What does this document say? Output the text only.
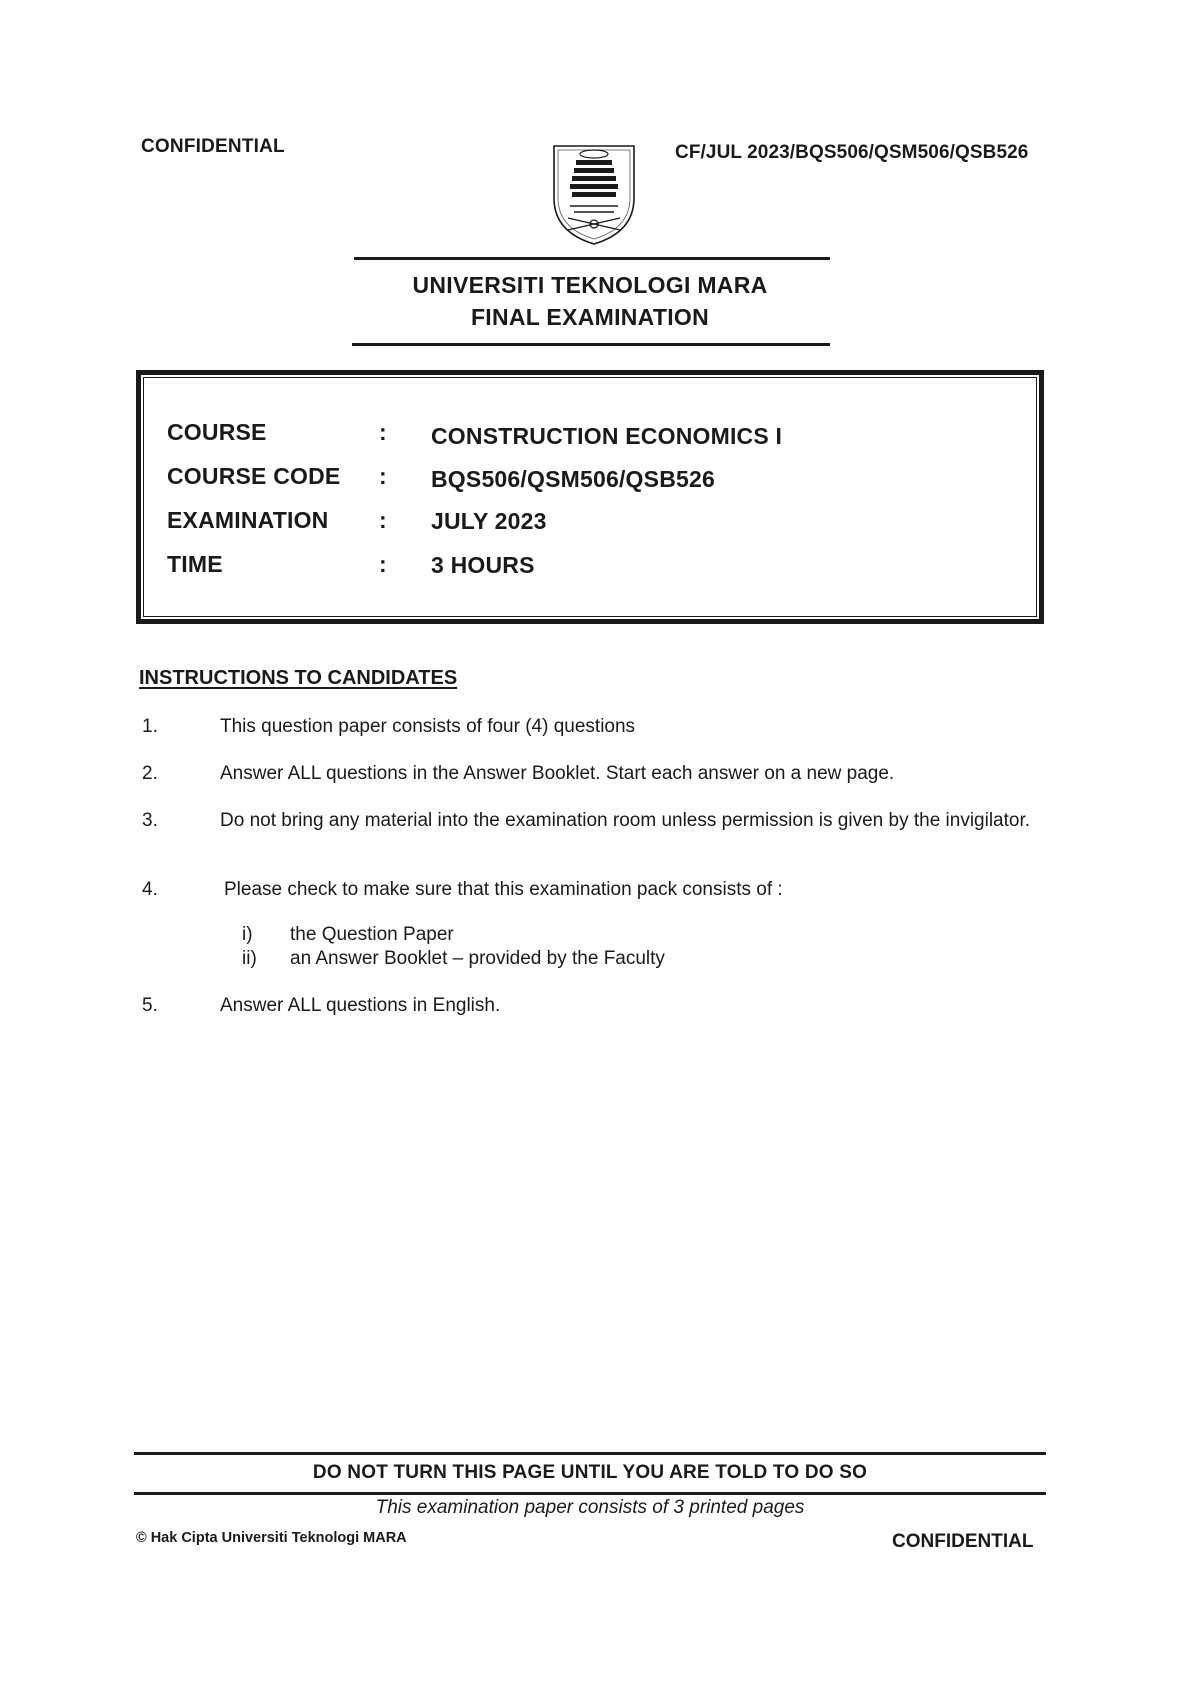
CONFIDENTIAL	CF/JUL 2023/BQS506/QSM506/QSB526
UNIVERSITI TEKNOLOGI MARA
FINAL EXAMINATION
COURSE	: CONSTRUCTION ECONOMICS I
COURSE CODE : BQS506/QSM506/QSB526
EXAMINATION : JULY 2023
TIME	: 3 HOURS
INSTRUCTIONS TO CANDIDATES
1.	This question paper consists of four (4) questions
2.	Answer ALL questions in the Answer Booklet. Start each answer on a new page.
3.	Do not bring any material into the examination room unless permission is given by the invigilator.
4.	Please check to make sure that this examination pack consists of :
i) the Question Paper
ii) an Answer Booklet – provided by the Faculty
5.	Answer ALL questions in English.
DO NOT TURN THIS PAGE UNTIL YOU ARE TOLD TO DO SO
This examination paper consists of 3 printed pages
© Hak Cipta Universiti Teknologi MARA	CONFIDENTIAL
